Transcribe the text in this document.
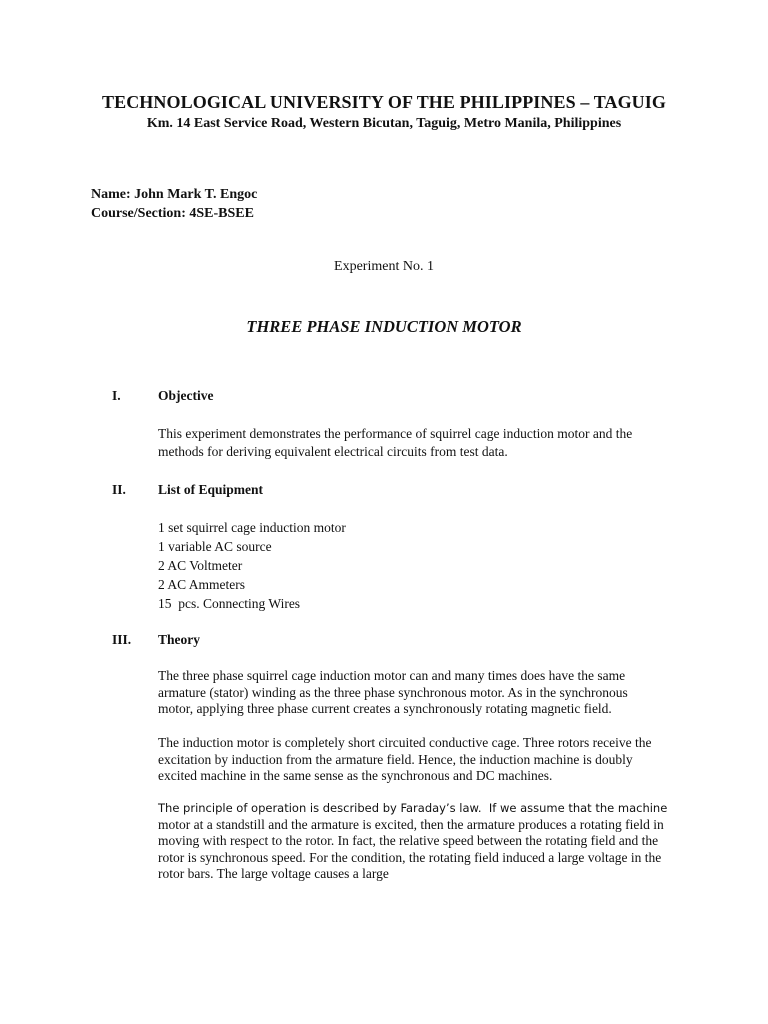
TECHNOLOGICAL UNIVERSITY OF THE PHILIPPINES – TAGUIG
Km. 14 East Service Road, Western Bicutan, Taguig, Metro Manila, Philippines
Name: John Mark T. Engoc
Course/Section: 4SE-BSEE
Experiment No. 1
THREE PHASE INDUCTION MOTOR
I.	Objective
This experiment demonstrates the performance of squirrel cage induction motor and the
methods for deriving equivalent electrical circuits from test data.
II. List of Equipment
1 set squirrel cage induction motor
1 variable AC source
2 AC Voltmeter
2 AC Ammeters
15  pcs. Connecting Wires
III. Theory
The three phase squirrel cage induction motor can and many times does have the same
armature (stator) winding as the three phase synchronous motor. As in the synchronous
motor, applying three phase current creates a synchronously rotating magnetic field.
The induction motor is completely short circuited conductive cage. Three rotors receive the
excitation by induction from the armature field. Hence, the induction machine is doubly
excited machine in the same sense as the synchronous and DC machines.
The principle of operation is described by Faraday’s law.  If we assume that the machine
motor at a standstill and the armature is excited, then the armature produces a rotating field in
moving with respect to the rotor. In fact, the relative speed between the rotating field and the
rotor is synchronous speed. For the condition, the rotating field induced a large voltage in the
rotor bars. The large voltage causes a large
